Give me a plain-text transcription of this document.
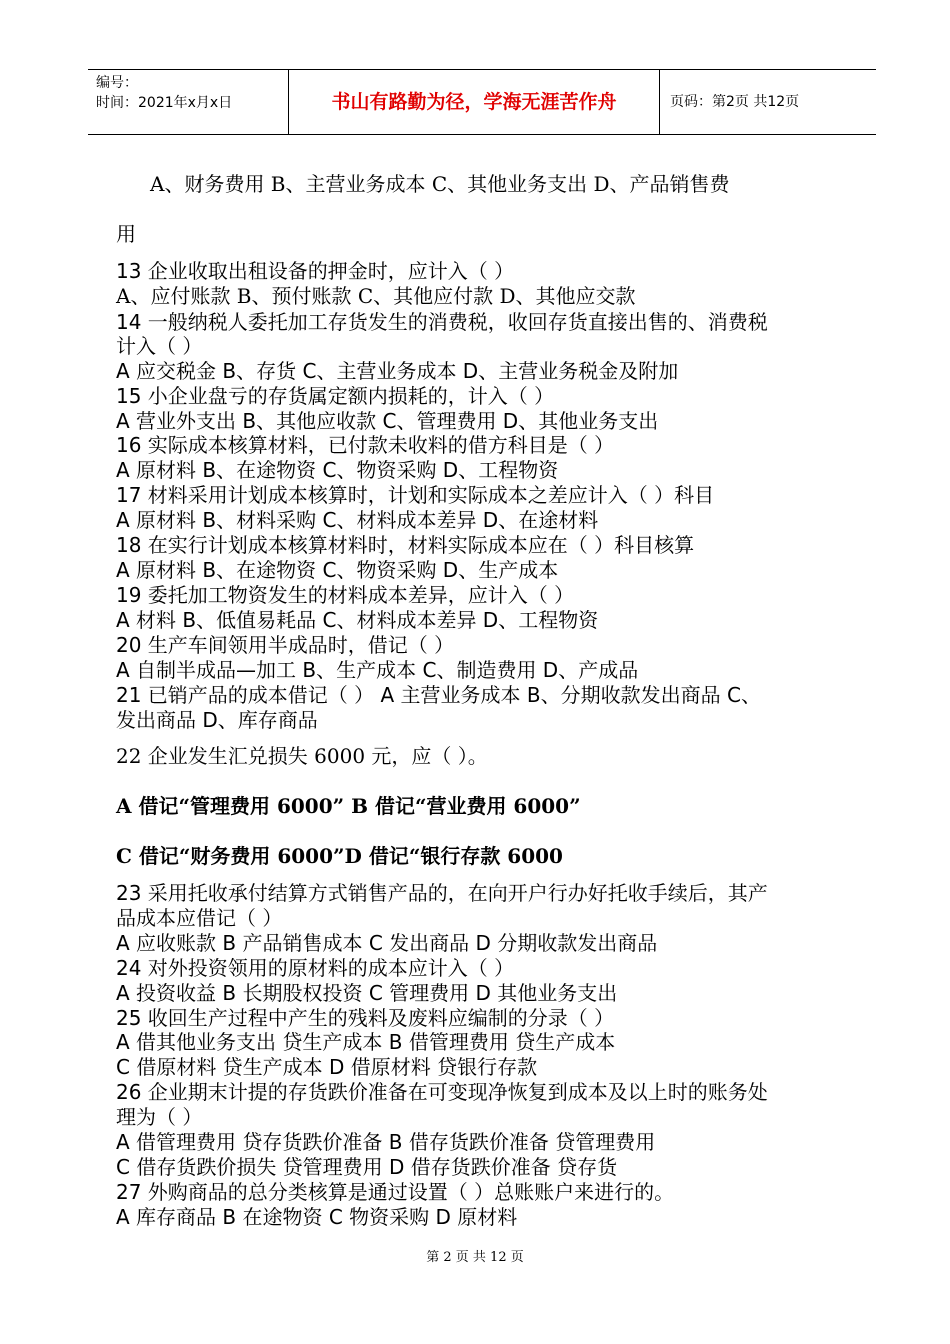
编号：
时间：2021年x月x日	书山有路勤为径，学海无涯苦作舟	页码：第2页 共12页
A、财务费用 B、主营业务成本 C、其他业务支出 D、产品销售费
用
13 企业收取出租设备的押金时，应计入（ ）
A、应付账款 B、预付账款 C、其他应付款 D、其他应交款
14 一般纳税人委托加工存货发生的消费税，收回存货直接出售的、消费税
计入（ ）
A 应交税金 B、存货 C、主营业务成本 D、主营业务税金及附加
15 小企业盘亏的存货属定额内损耗的，计入（ ）
A 营业外支出 B、其他应收款 C、管理费用 D、其他业务支出
16 实际成本核算材料，已付款未收料的借方科目是（ ）
A 原材料 B、在途物资 C、物资采购 D、工程物资
17 材料采用计划成本核算时，计划和实际成本之差应计入（ ）科目
A 原材料 B、材料采购 C、材料成本差异 D、在途材料
18 在实行计划成本核算材料时，材料实际成本应在（ ）科目核算
A 原材料 B、在途物资 C、物资采购 D、生产成本
19 委托加工物资发生的材料成本差异，应计入（ ）
A 材料 B、低值易耗品 C、材料成本差异 D、工程物资
20 生产车间领用半成品时，借记（ ）
A 自制半成品—加工 B、生产成本 C、制造费用 D、产成品
21 已销产品的成本借记（ ） A 主营业务成本 B、分期收款发出商品 C、
发出商品 D、库存商品
22 企业发生汇兑损失 6000 元，应（ ）。
A 借记“管理费用 6000” B 借记“营业费用 6000”
C 借记“财务费用 6000”D 借记“银行存款 6000
23 采用托收承付结算方式销售产品的，在向开户行办好托收手续后，其产
品成本应借记（ ）
A 应收账款 B 产品销售成本 C 发出商品 D 分期收款发出商品
24 对外投资领用的原材料的成本应计入（ ）
A 投资收益 B 长期股权投资 C 管理费用 D 其他业务支出
25 收回生产过程中产生的残料及废料应编制的分录（ ）
A 借其他业务支出 贷生产成本 B 借管理费用 贷生产成本
C 借原材料 贷生产成本 D 借原材料 贷银行存款
26 企业期末计提的存货跌价准备在可变现净恢复到成本及以上时的账务处
理为（ ）
A 借管理费用 贷存货跌价准备 B 借存货跌价准备 贷管理费用
C 借存货跌价损失 贷管理费用 D 借存货跌价准备 贷存货
27 外购商品的总分类核算是通过设置（ ）总账账户来进行的。
A 库存商品 B 在途物资 C 物资采购 D 原材料
第 2 页 共 12 页
